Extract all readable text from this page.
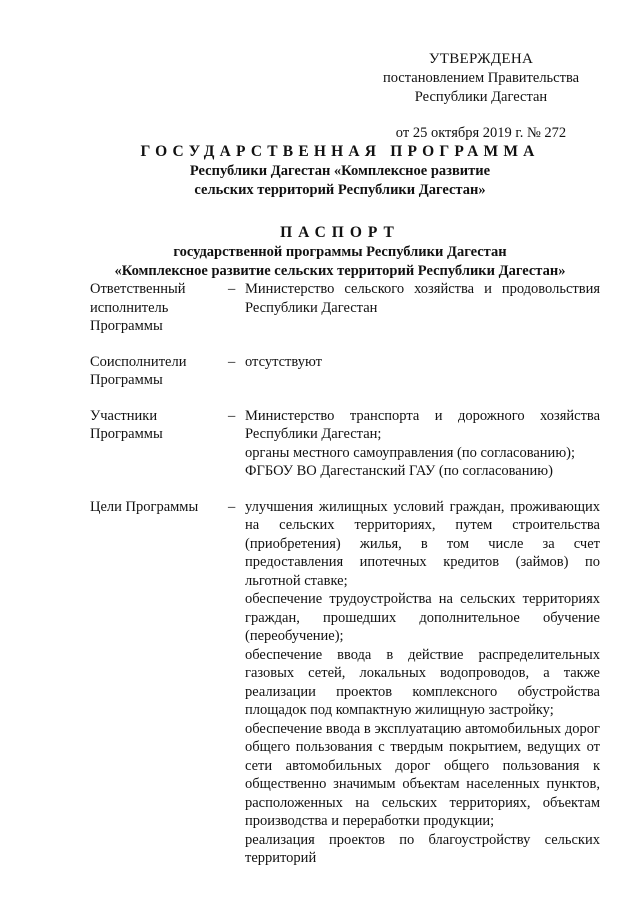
УТВЕРЖДЕНА
постановлением Правительства
Республики Дагестан
от 25 октября 2019 г. № 272
ГОСУДАРСТВЕННАЯ ПРОГРАММА
Республики Дагестан «Комплексное развитие
сельских территорий Республики Дагестан»
ПАСПОРТ
государственной программы Республики Дагестан
«Комплексное развитие сельских территорий Республики Дагестан»
Ответственный исполнитель Программы
– Министерство сельского хозяйства и продовольствия Республики Дагестан

Соисполнители Программы
– отсутствуют

Участники Программы
– Министерство транспорта и дорожного хозяйства Республики Дагестан;

органы местного самоуправления (по согласованию);

ФГБОУ ВО Дагестанский ГАУ (по согласованию)

Цели Программы	– улучшения жилищных условий граждан, проживающих на сельских территориях, путем строительства (приобретения) жилья, в том числе за счет предоставления ипотечных кредитов (займов) по льготной ставке;

обеспечение трудоустройства на сельских территориях граждан, прошедших дополнительное обучение (переобучение);

обеспечение ввода в действие распределительных газовых сетей, локальных водопроводов, а также реализации проектов комплексного обустройства площадок под компактную жилищную застройку;

обеспечение ввода в эксплуатацию автомобильных дорог общего пользования с твердым покрытием, ведущих от сети автомобильных дорог общего пользования к общественно значимым объектам населенных пунктов, расположенных на сельских территориях, объектам производства и переработки продукции;

реализация проектов по благоустройству сельских территорий
